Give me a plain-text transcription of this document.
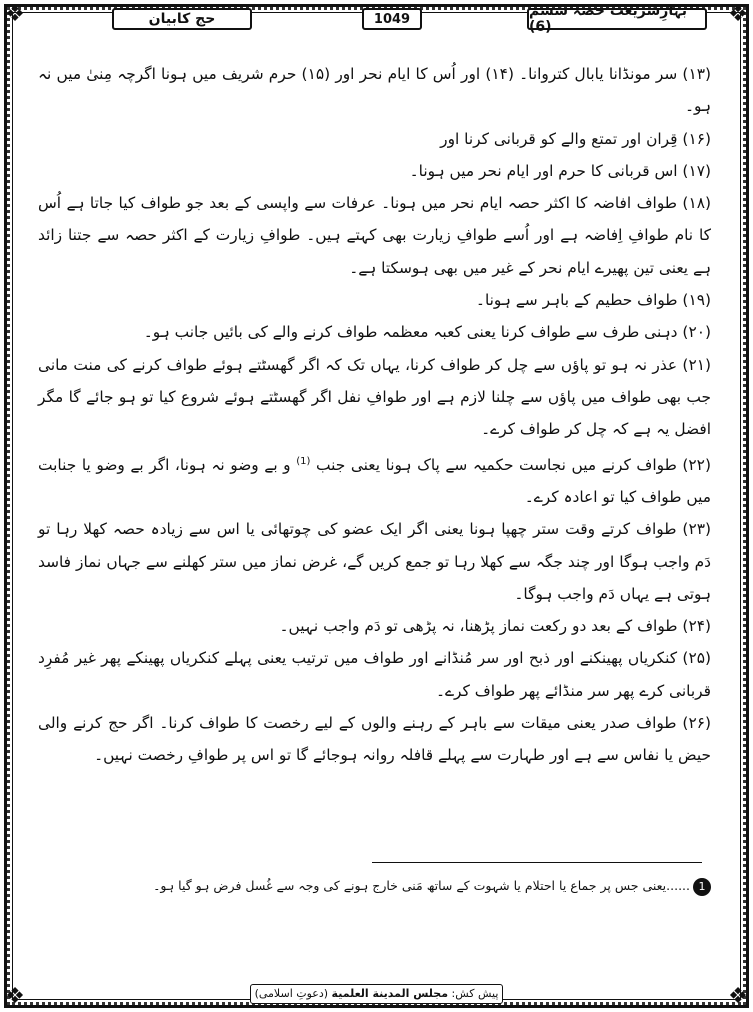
❖	❖
❖	❖
حج کابیان	1049	بہارِشریعت حصہ ششم (6)

(۱۳) سر مونڈانا یابال کتروانا۔ (۱۴) اور اُس کا ایام نحر اور (۱۵) حرم شریف میں ہونا اگرچہ مِنیٰ میں نہ ہو۔

(۱۶) قِران اور تمتع والے کو قربانی کرنا اور

(۱۷) اس قربانی کا حرم اور ایام نحر میں ہونا۔

(۱۸) طواف افاضہ کا اکثر حصہ ایام نحر میں ہونا۔ عرفات سے واپسی کے بعد جو طواف کیا جاتا ہے اُس کا نام طوافِ اِفاضہ ہے اور اُسے طوافِ زیارت بھی کہتے ہیں۔ طوافِ زیارت کے اکثر حصہ سے جتنا زائد ہے یعنی تین پھیرے ایام نحر کے غیر میں بھی ہوسکتا ہے۔

(۱۹) طواف حطیم کے باہر سے ہونا۔

(۲۰) دہنی طرف سے طواف کرنا یعنی کعبہ معظمہ طواف کرنے والے کی بائیں جانب ہو۔

(۲۱) عذر نہ ہو تو پاؤں سے چل کر طواف کرنا، یہاں تک کہ اگر گھسٹتے ہوئے طواف کرنے کی منت مانی جب بھی طواف میں پاؤں سے چلنا لازم ہے اور طوافِ نفل اگر گھسٹتے ہوئے شروع کیا تو ہو جائے گا مگر افضل یہ ہے کہ چل کر طواف کرے۔

(۲۲) طواف کرنے میں نجاست حکمیہ سے پاک ہونا یعنی جنب $^{(1)}$ و بے وضو نہ ہونا، اگر بے وضو یا جنابت میں طواف کیا تو اعادہ کرے۔

(۲۳) طواف کرتے وقت ستر چھپا ہونا یعنی اگر ایک عضو کی چوتھائی یا اس سے زیادہ حصہ کھلا رہا تو دَم واجب ہوگا اور چند جگہ سے کھلا رہا تو جمع کریں گے، غرض نماز میں ستر کھلنے سے جہاں نماز فاسد ہوتی ہے یہاں دَم واجب ہوگا۔

(۲۴) طواف کے بعد دو رکعت نماز پڑھنا، نہ پڑھی تو دَم واجب نہیں۔

(۲۵) کنکریاں پھینکنے اور ذبح اور سر مُنڈانے اور طواف میں ترتیب یعنی پہلے کنکریاں پھینکے پھر غیر مُفرِد قربانی کرے پھر سر منڈائے پھر طواف کرے۔

(۲۶) طواف صدر یعنی میقات سے باہر کے رہنے والوں کے لیے رخصت کا طواف کرنا۔ اگر حج کرنے والی حیض یا نفاس سے ہے اور طہارت سے پہلے قافلہ روانہ ہوجائے گا تو اس پر طوافِ رخصت نہیں۔

1......یعنی جس پر جماع یا احتلام یا شہوت کے ساتھ مَنی خارج ہونے کی وجہ سے غُسل فرض ہو گیا ہو۔
پیش کش: مجلس المدينة العلمية (دعوتِ اسلامی)
